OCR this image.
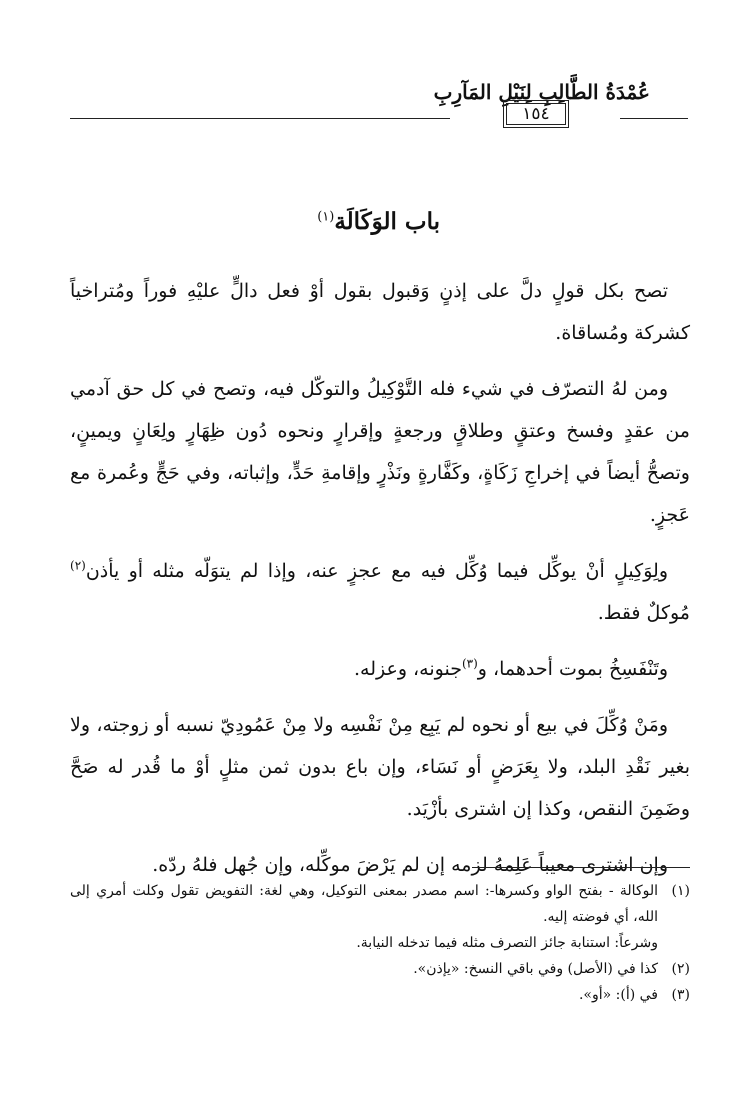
عُمْدَةُ الطَّالِبِ لِنَيْلِ المَآرِبِ
١٥٤
باب الوَكَالَة$^{(١)}$

تصح بكل قولٍ دلَّ على إذنٍ وَقبول بقول أوْ فعل دالٍّ عليْهِ فوراً ومُتراخياً كشركة ومُساقاة.

ومن لهُ التصرّف في شيء فله التَّوْكِيلُ والتوكّل فيه، وتصح في كل حق آدمي من عقدٍ وفسخ وعتقٍ وطلاقٍ ورجعةٍ وإقرارٍ ونحوه دُون ظِهَارٍ ولِعَانٍ ويمينٍ، وتصحُّ أيضاً في إخراجِ زَكَاةٍ، وكَفَّارةٍ ونَذْرٍ وإقامةِ حَدٍّ، وإثباته، وفي حَجٍّ وعُمرة مع عَجزٍ.

ولِوَكِيلٍ أنْ يوكِّل فيما وُكِّل فيه مع عجزٍ عنه، وإذا لم يتوَلّه مثله أو يأذن$^{(٢)}$ مُوكلٌ فقط.

وتَنْفَسِخُ بموت أحدهما، و$^{(٣)}$جنونه، وعزله.

ومَنْ وُكِّلَ في بيع أو نحوه لم يَبِع مِنْ نَفْسِه ولا مِنْ عَمُودِيّ نسبه أو زوجته، ولا بغير نَقْدِ البلد، ولا بِعَرَضٍ أو نَسَاء، وإن باع بدون ثمن مثلٍ أوْ ما قُدر له صَحَّ وضَمِنَ النقص، وكذا إن اشترى بأزْيَد.

وإن اشترى معيباً عَلِمهُ لزمه إن لم يَرْضَ موكِّله، وإن جُهل فلهُ ردّه.

(١)
الوكالة - بفتح الواو وكسرها-: اسم مصدر بمعنى التوكيل، وهي لغة: التفويض تقول وكلت أمري إلى الله، أي فوضته إليه.
وشرعاً: استنابة جائز التصرف مثله فيما تدخله النيابة.
(٢)
كذا في (الأصل) وفي باقي النسخ: «يإذن».
(٣)
في (أ): «أو».
